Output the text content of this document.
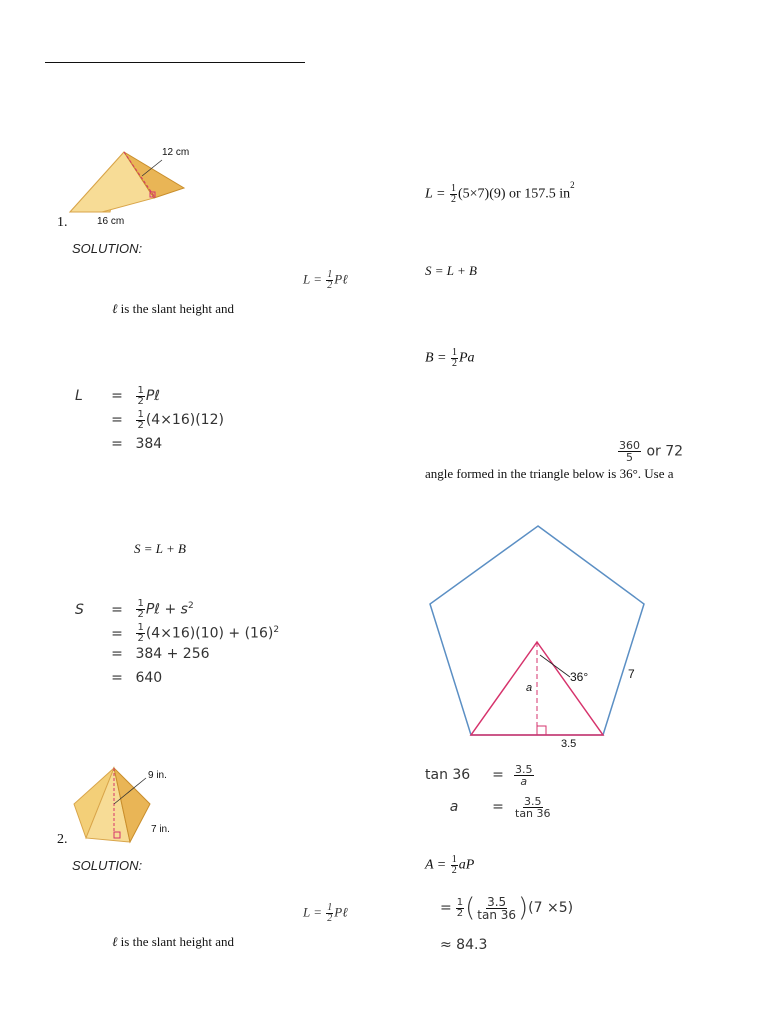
12 cm
16 cm
1.
SOLUTION:
$L = \frac{1}{2}$ Pℓ
ℓ is the slant height and
$L = \frac{1}{2}$ Pℓ
= $\frac{1}{2} (4\times 16)(12)$
= 384
S = L + B
$S = \frac{1}{2}$ Pℓ + $s^2$
= $\frac{1}{2} (4\times 16)(10) + (16)^2$
= 384 + 256
= 640
9 in.
7 in.
2.
SOLUTION:
$L = \frac{1}{2}$ Pℓ
ℓ is the slant height and
$L = \frac{1}{2} (5\times 7)(9)$ or 157.5 $in^2$
S = L + B
$B = \frac{1}{2}$ Pa
$\frac{360}{5}$ or 72
angle formed in the triangle below is 36°. Use a
36°	7
a
3.5
tan 36	= $\frac{3.5}{a}$
a	= $\frac{3.5}{\tan 36}$
$A = \frac{1}{2}$ aP
= $\frac{1}{2}$ ( $\frac{3.5}{\tan 36}$ ) (7 ×5)
≈ 84.3
